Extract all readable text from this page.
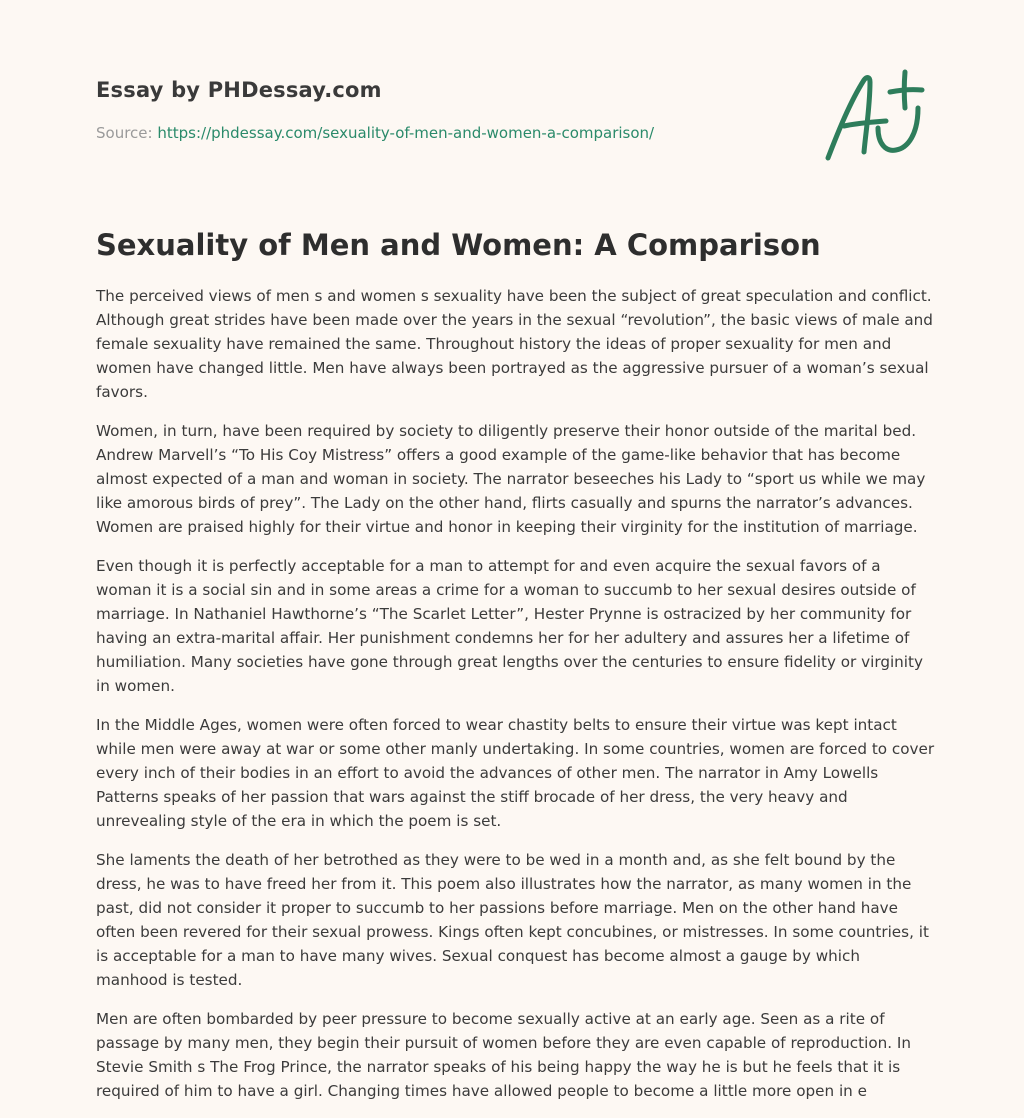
Essay by PHDessay.com
Source: https://phdessay.com/sexuality-of-men-and-women-a-comparison/
Sexuality of Men and Women: A Comparison

The perceived views of men s and women s sexuality have been the subject of great speculation and conflict. Although great strides have been made over the years in the sexual “revolution”, the basic views of male and female sexuality have remained the same. Throughout history the ideas of proper sexuality for men and women have changed little. Men have always been portrayed as the aggressive pursuer of a woman’s sexual favors.

Women, in turn, have been required by society to diligently preserve their honor outside of the marital bed. Andrew Marvell’s “To His Coy Mistress” offers a good example of the game-like behavior that has become almost expected of a man and woman in society. The narrator beseeches his Lady to “sport us while we may like amorous birds of prey”. The Lady on the other hand, flirts casually and spurns the narrator’s advances. Women are praised highly for their virtue and honor in keeping their virginity for the institution of marriage.

Even though it is perfectly acceptable for a man to attempt for and even acquire the sexual favors of a woman it is a social sin and in some areas a crime for a woman to succumb to her sexual desires outside of marriage. In Nathaniel Hawthorne’s “The Scarlet Letter”, Hester Prynne is ostracized by her community for having an extra-marital affair. Her punishment condemns her for her adultery and assures her a lifetime of humiliation. Many societies have gone through great lengths over the centuries to ensure fidelity or virginity in women.

In the Middle Ages, women were often forced to wear chastity belts to ensure their virtue was kept intact while men were away at war or some other manly undertaking. In some countries, women are forced to cover every inch of their bodies in an effort to avoid the advances of other men. The narrator in Amy Lowells Patterns speaks of her passion that wars against the stiff brocade of her dress, the very heavy and unrevealing style of the era in which the poem is set.

She laments the death of her betrothed as they were to be wed in a month and, as she felt bound by the dress, he was to have freed her from it. This poem also illustrates how the narrator, as many women in the past, did not consider it proper to succumb to her passions before marriage. Men on the other hand have often been revered for their sexual prowess. Kings often kept concubines, or mistresses. In some countries, it is acceptable for a man to have many wives. Sexual conquest has become almost a gauge by which manhood is tested.

Men are often bombarded by peer pressure to become sexually active at an early age. Seen as a rite of passage by many men, they begin their pursuit of women before they are even capable of reproduction. In Stevie Smith s The Frog Prince, the narrator speaks of his being happy the way he is but he feels that it is required of him to have a girl. Changing times have allowed people to become a little more open in e
